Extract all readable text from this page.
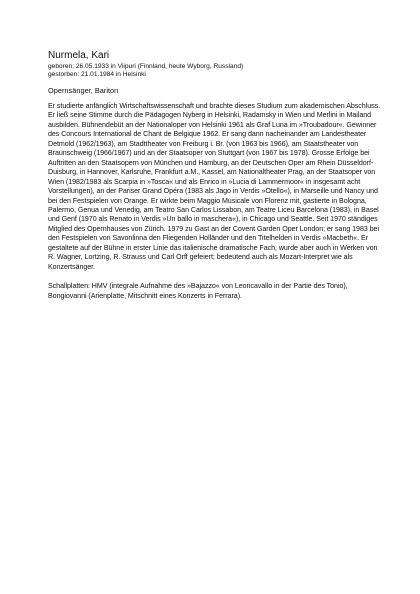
Nurmela, Kari
geboren: 26.05.1933 in Viipuri (Finnland, heute Wyborg, Russland)
gestorben: 21.01.1984 in Helsinki
Opernsänger, Bariton

Er studierte anfänglich Wirtschaftswissenschaft und brachte dieses Studium zum akademischen Abschluss. Er ließ seine Stimme durch die Pädagogen Nyberg in Helsinki, Radamsky in Wien und Merlini in Mailand ausbilden. Bühnendebüt an der Nationaloper von Helsinki 1961 als Graf Luna im »Troubadour«. Gewinner des Concours International de Chant de Belgique 1962. Er sang dann nacheinander am Landestheater Detmold (1962/1963), am Stadttheater von Freiburg i. Br. (von 1963 bis 1966), am Staatstheater von Braunschweig (1966/1967) und an der Staatsoper von Stuttgart (von 1967 bis 1978). Grosse Erfolge bei Auftritten an den Staatsopern von München und Hamburg, an der Deutschen Oper am Rhein Düsseldorf-Duisburg, in Hannover, Karlsruhe, Frankfurt a.M., Kassel, am Nationaltheater Prag, an der Staatsoper von Wien (1982/1983 als Scarpia in »Tosca« und als Enrico in »Lucia di Lammermoor« in insgesamt acht Vorstellungen), an der Pariser Grand Opéra (1983 als Jago in Verdis »Otello«), in Marseille und Nancy und bei den Festspielen von Orange. Er wirkte beim Maggio Musicale von Florenz mit, gastierte in Bologna, Palermo, Genua und Venedig, am Teatro San Carlos Lissabon, am Teatre Liceu Barcelona (1983), in Basel und Genf (1970 als Renato in Verdis »Un ballo in maschera«), in Chicago und Seattle. Seit 1970 ständiges Mitglied des Opernhauses von Zürich. 1979 zu Gast an der Covent Garden Oper London; er sang 1983 bei den Festspielen von Savonlinna den Fliegenden Holländer und den Titelhelden in Verdis »Macbeth«. Er gestaltete auf der Bühne in erster Linie das italienische dramatische Fach, wurde aber auch in Werken von R. Wagner, Lortzing, R. Strauss und Carl Orff gefeiert; bedeutend auch als Mozart-Interpret wie als Konzertsänger.

Schallplatten: HMV (integrale Aufnahme des »Bajazzo« von Leoncavallo in der Partie des Tonio), Bongiovanni (Arienplatte, Mitschnitt eines Konzerts in Ferrara).
